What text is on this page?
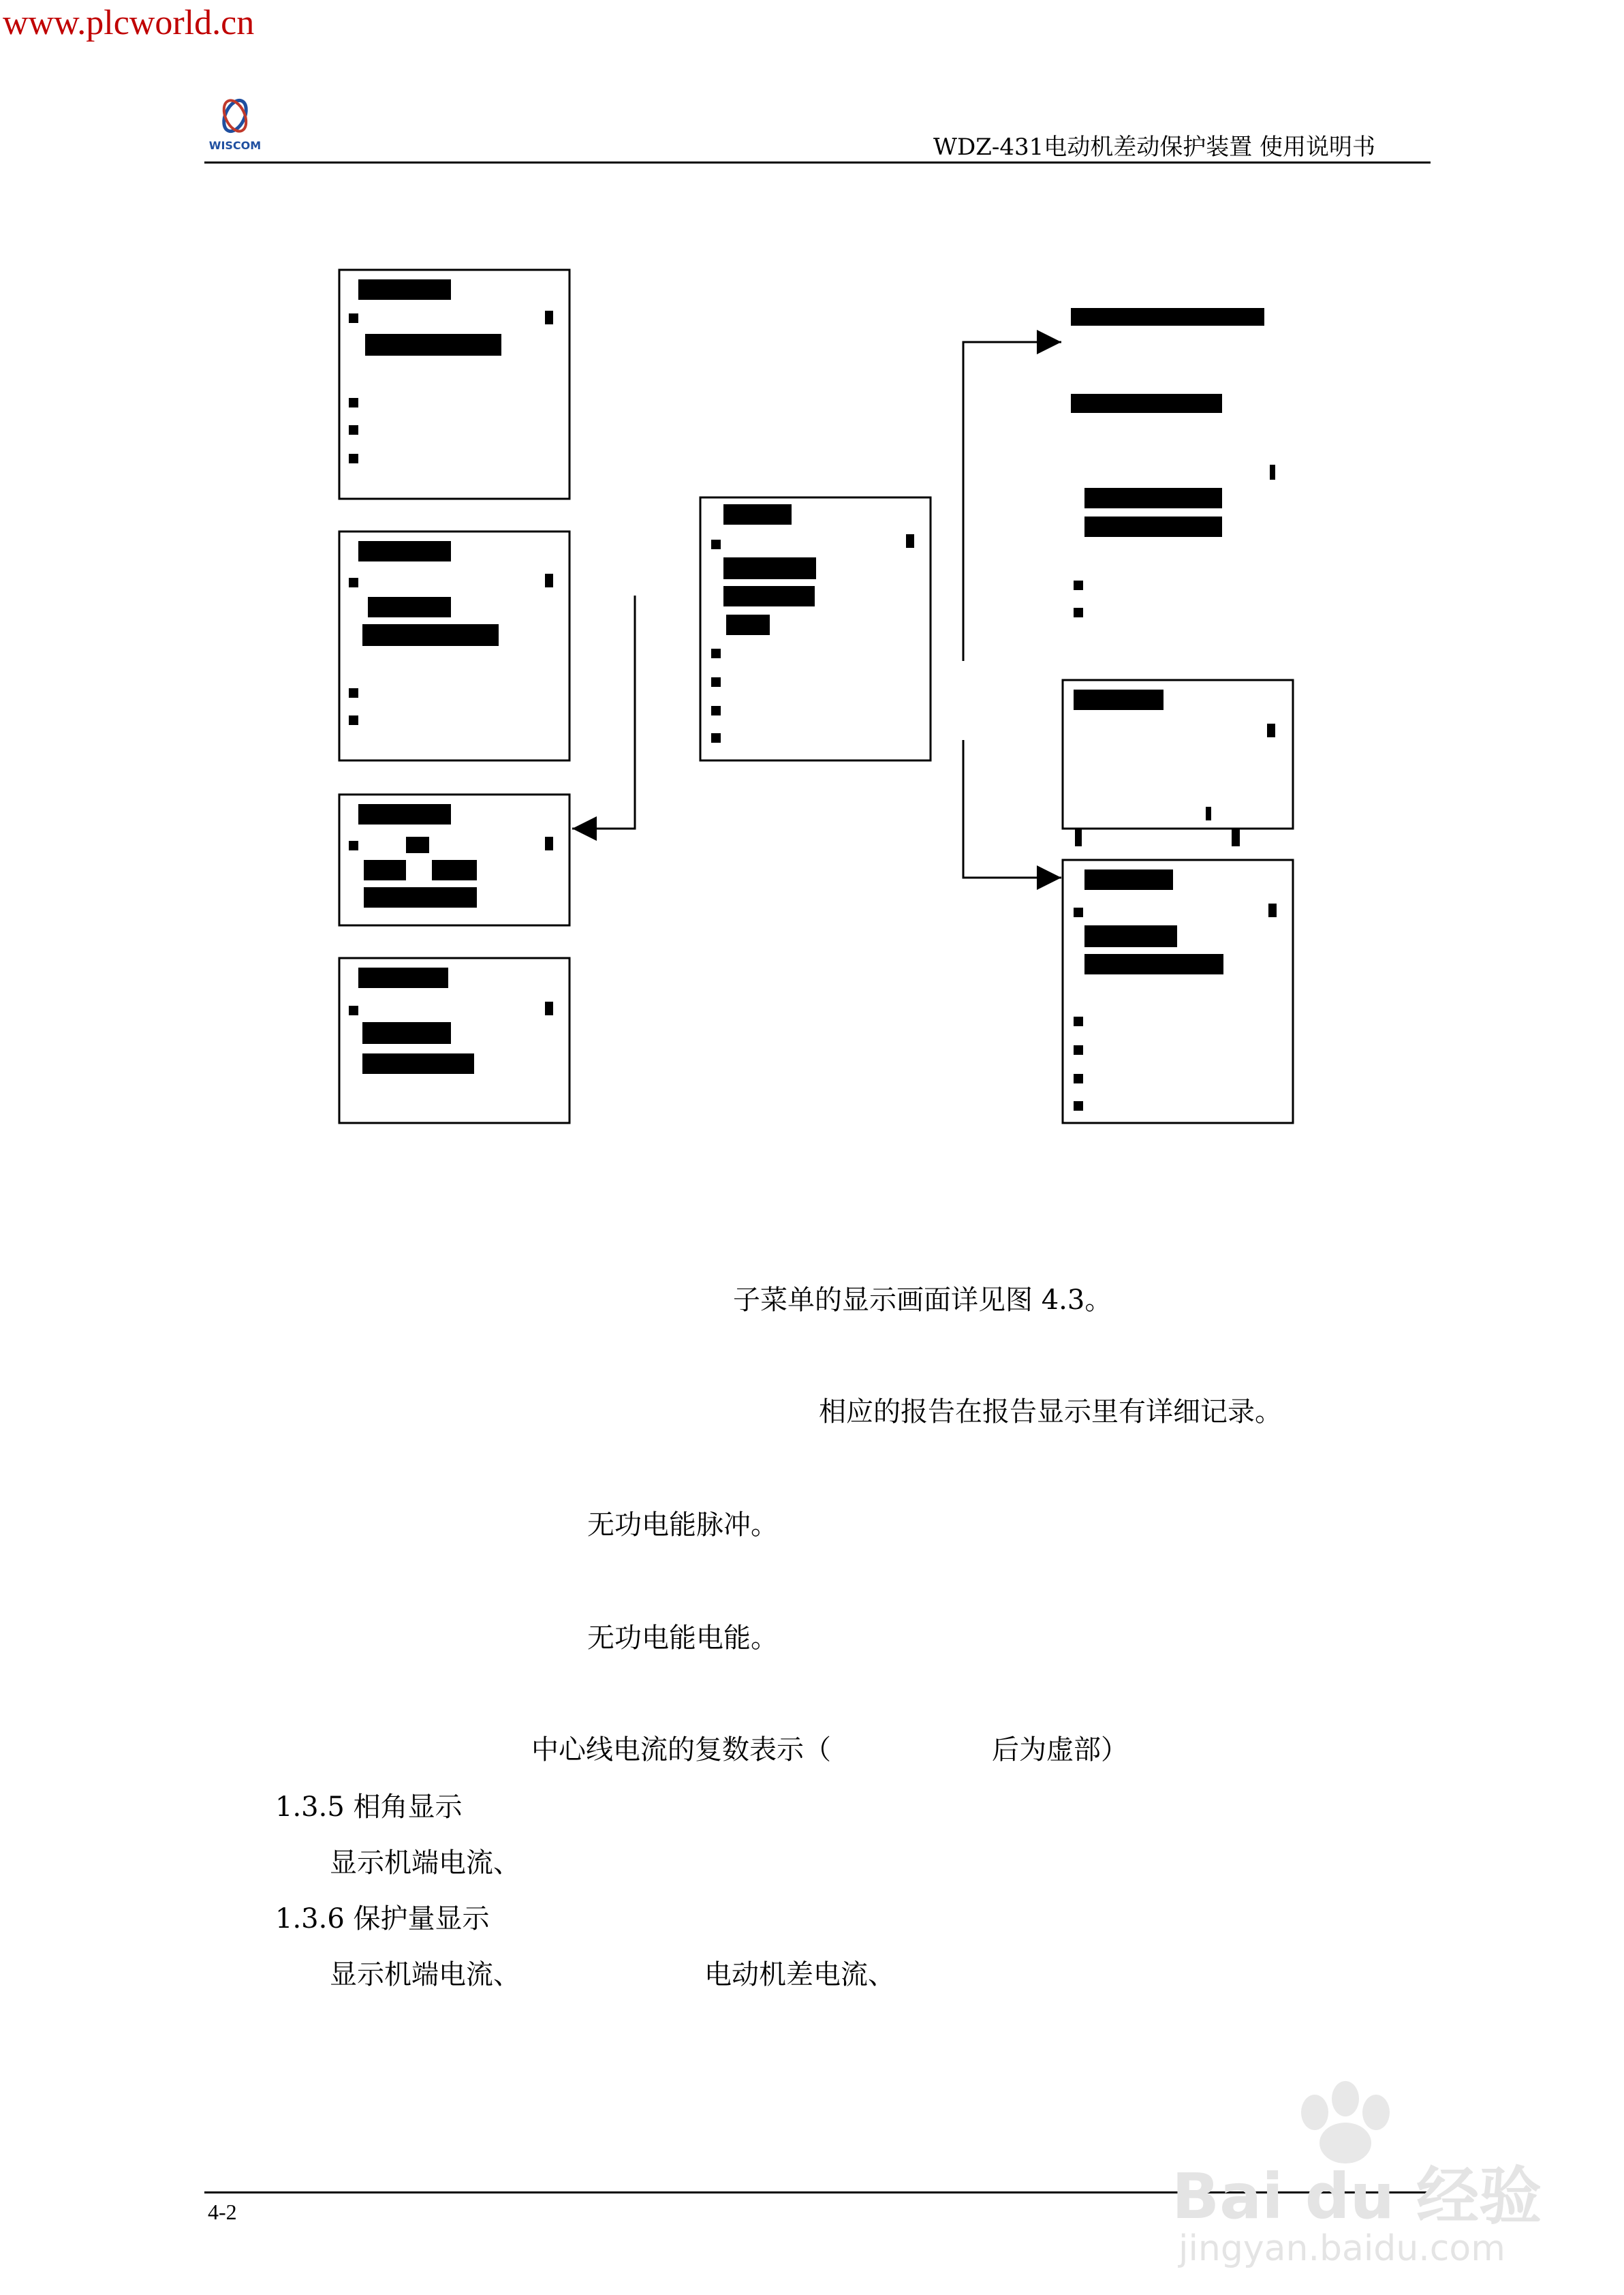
www.plcworld.cn
WISCOM	WDZ-431电动机差动保护装置 使用说明书
子菜单的显示画面详见图 4.3。
相应的报告在报告显示里有详细记录。
无功电能脉冲。
无功电能电能。
中心线电流的复数表示（	后为虚部）
1.3.5 相角显示
显示机端电流、
1.3.6 保护量显示
显示机端电流、	电动机差电流、
4-2	Bai du 经验
jingyan.baidu.com
